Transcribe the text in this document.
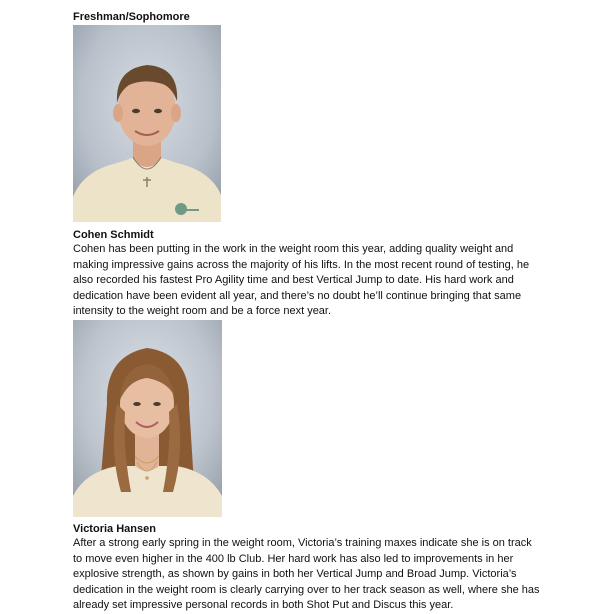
Freshman/Sophomore
Cohen Schmidt
Cohen has been putting in the work in the weight room this year, adding quality weight and
making impressive gains across the majority of his lifts. In the most recent round of testing, he
also recorded his fastest Pro Agility time and best Vertical Jump to date. His hard work and
dedication have been evident all year, and there’s no doubt he’ll continue bringing that same
intensity to the weight room and be a force next year.
Victoria Hansen
After a strong early spring in the weight room, Victoria’s training maxes indicate she is on track
to move even higher in the 400 lb Club. Her hard work has also led to improvements in her
explosive strength, as shown by gains in both her Vertical Jump and Broad Jump. Victoria’s
dedication in the weight room is clearly carrying over to her track season as well, where she has
already set impressive personal records in both Shot Put and Discus this year.
